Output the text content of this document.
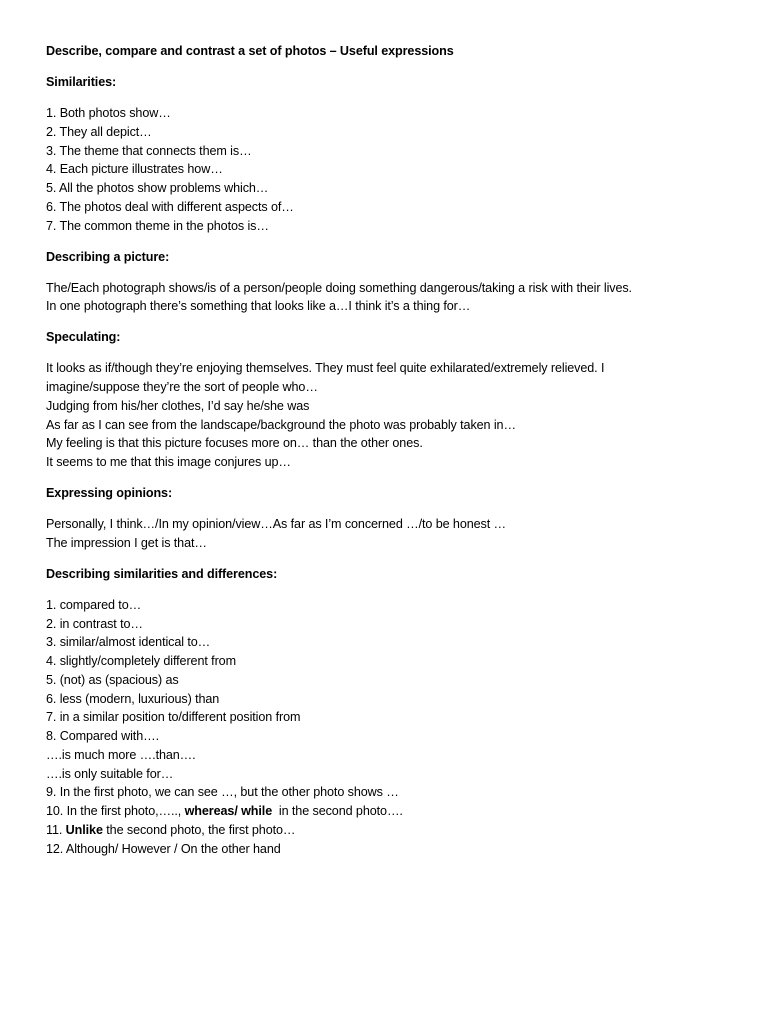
Describe, compare and contrast a set of photos – Useful expressions
Similarities:
1. Both photos show…
2. They all depict…
3. The theme that connects them is…
4. Each picture illustrates how…
5. All the photos show problems which…
6. The photos deal with different aspects of…
7. The common theme in the photos is…
Describing a picture:
The/Each photograph shows/is of a person/people doing something dangerous/taking a risk with their lives.
In one photograph there’s something that looks like a…I think it’s a thing for…
Speculating:
It looks as if/though they’re enjoying themselves. They must feel quite exhilarated/extremely relieved. I
imagine/suppose they’re the sort of people who…
Judging from his/her clothes, I’d say he/she was
As far as I can see from the landscape/background the photo was probably taken in…
My feeling is that this picture focuses more on… than the other ones.
It seems to me that this image conjures up…
Expressing opinions:
Personally, I think…/In my opinion/view…As far as I’m concerned …/to be honest …
The impression I get is that…
Describing similarities and differences:
1. compared to…
2. in contrast to…
3. similar/almost identical to…
4. slightly/completely different from
5. (not) as (spacious) as
6. less (modern, luxurious) than
7. in a similar position to/different position from
8. Compared with….
….is much more ….than….
….is only suitable for…
9. In the first photo, we can see …, but the other photo shows …
10. In the first photo,….., whereas/ while  in the second photo….
11. Unlike the second photo, the first photo…
12. Although/ However / On the other hand
